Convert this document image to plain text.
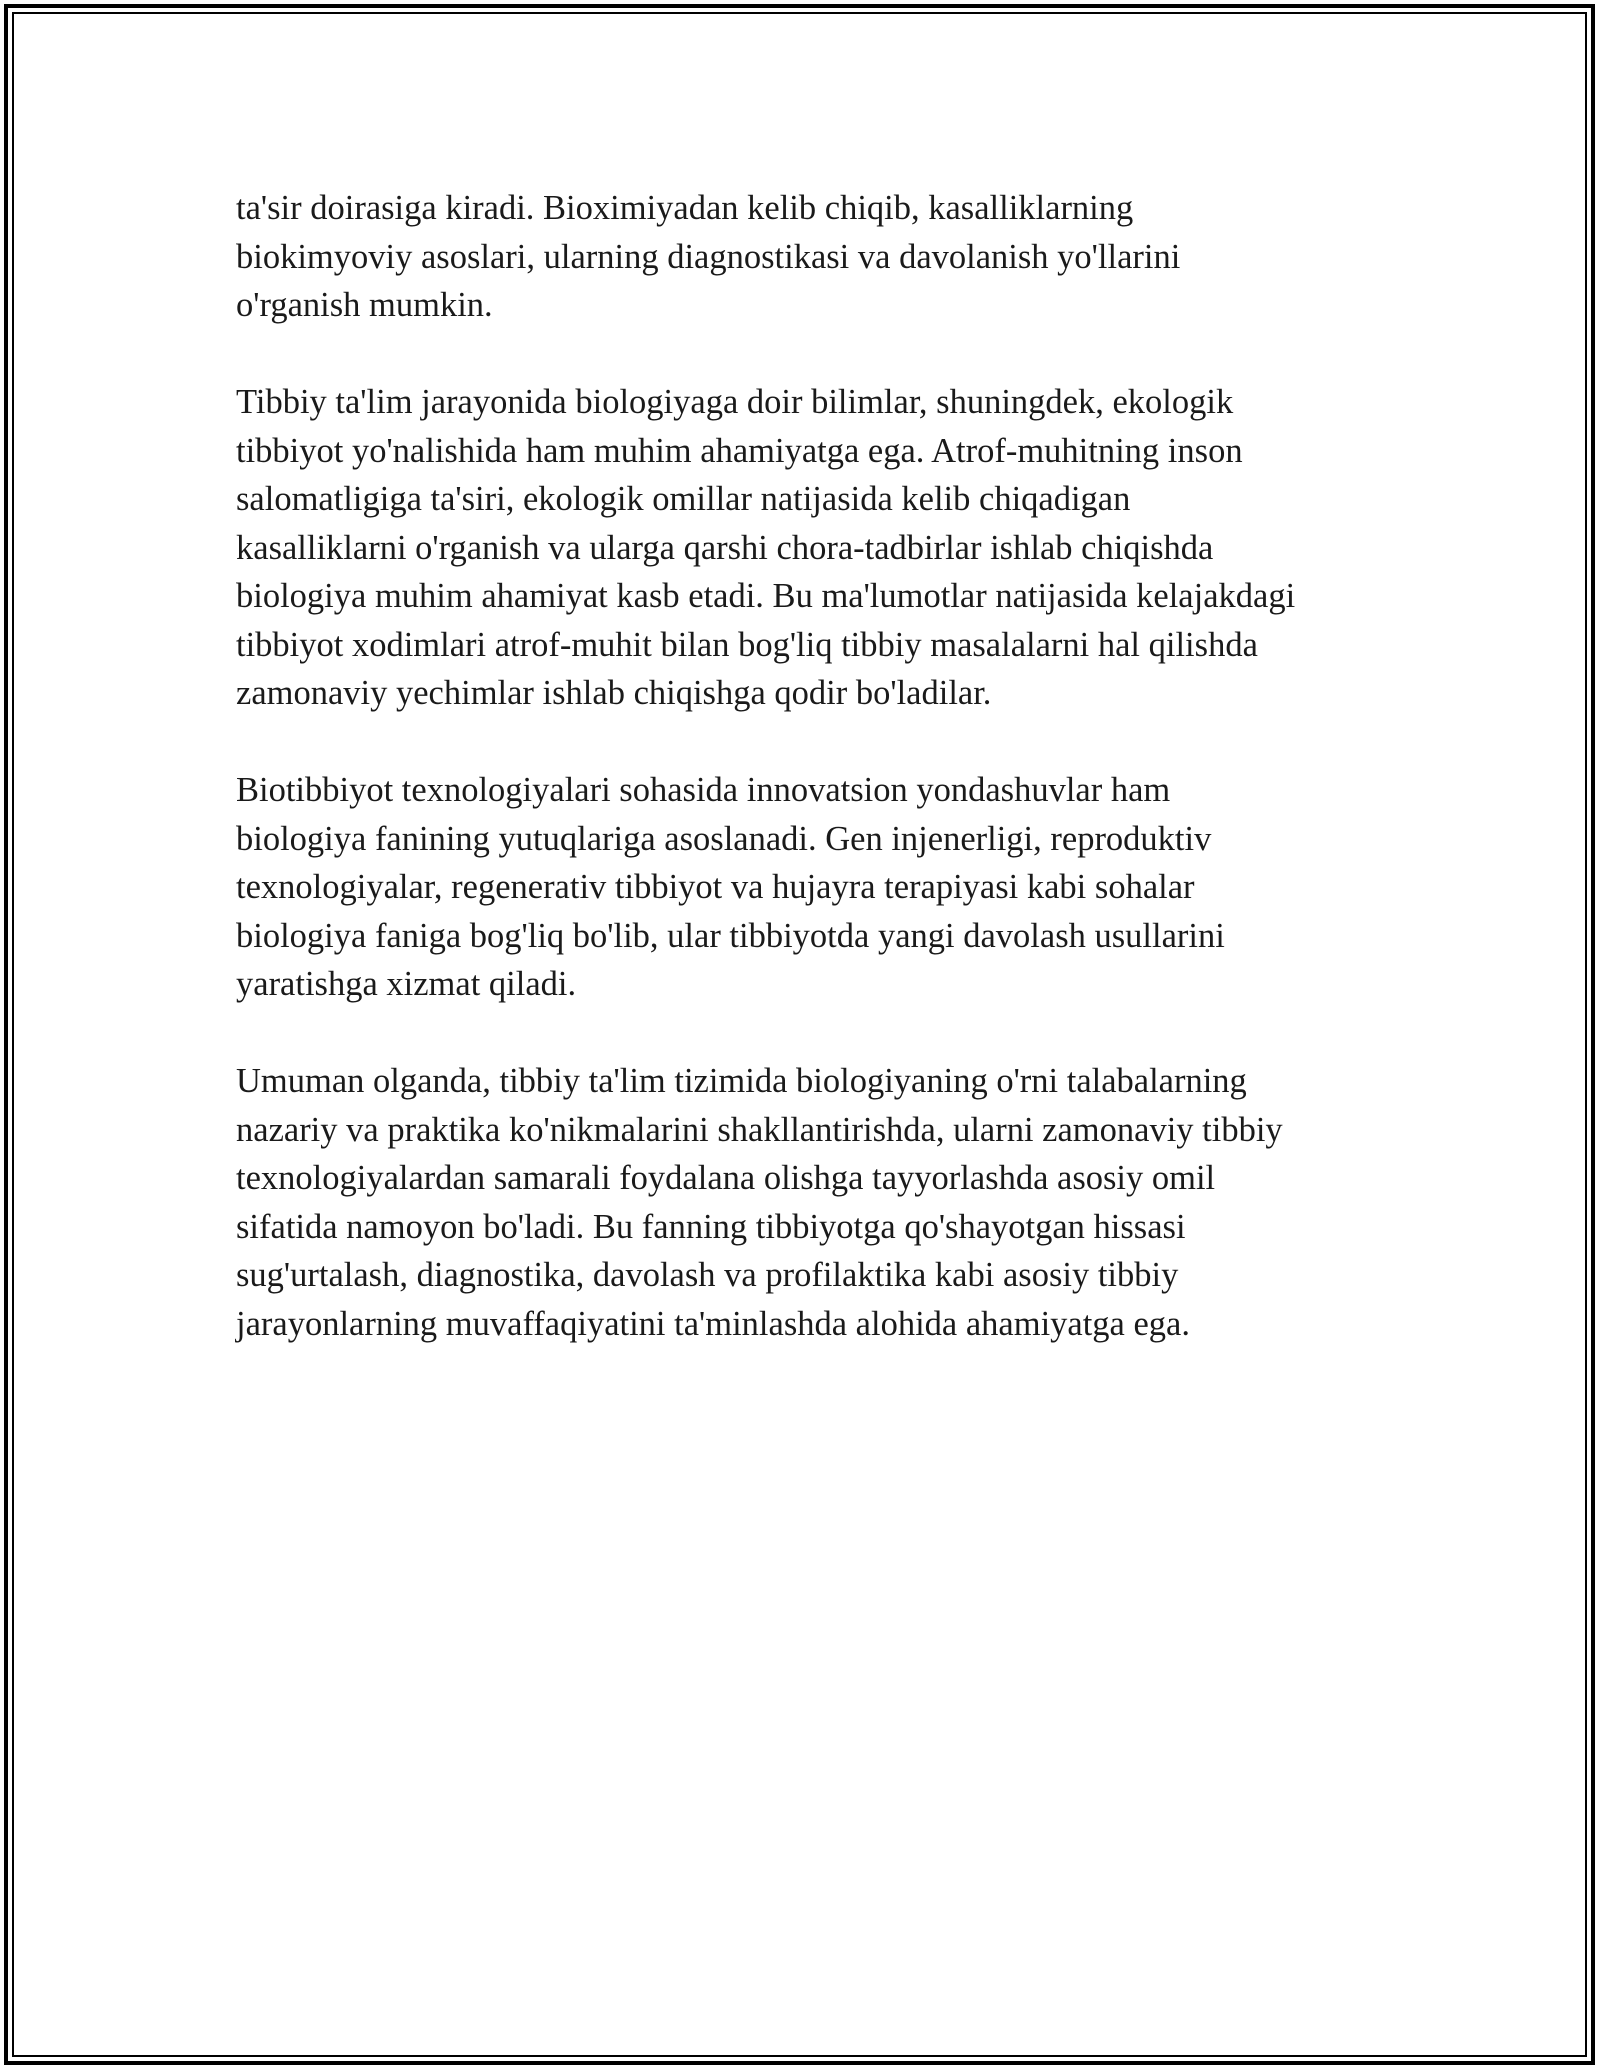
ta'sir doirasiga kiradi. Bioximiyadan kelib chiqib, kasalliklarning
biokimyoviy asoslari, ularning diagnostikasi va davolanish yo'llarini
o'rganish mumkin.

Tibbiy ta'lim jarayonida biologiyaga doir bilimlar, shuningdek, ekologik
tibbiyot yo'nalishida ham muhim ahamiyatga ega. Atrof-muhitning inson
salomatligiga ta'siri, ekologik omillar natijasida kelib chiqadigan
kasalliklarni o'rganish va ularga qarshi chora-tadbirlar ishlab chiqishda
biologiya muhim ahamiyat kasb etadi. Bu ma'lumotlar natijasida kelajakdagi
tibbiyot xodimlari atrof-muhit bilan bog'liq tibbiy masalalarni hal qilishda
zamonaviy yechimlar ishlab chiqishga qodir bo'ladilar.

Biotibbiyot texnologiyalari sohasida innovatsion yondashuvlar ham
biologiya fanining yutuqlariga asoslanadi. Gen injenerligi, reproduktiv
texnologiyalar, regenerativ tibbiyot va hujayra terapiyasi kabi sohalar
biologiya faniga bog'liq bo'lib, ular tibbiyotda yangi davolash usullarini
yaratishga xizmat qiladi.

Umuman olganda, tibbiy ta'lim tizimida biologiyaning o'rni talabalarning
nazariy va praktika ko'nikmalarini shakllantirishda, ularni zamonaviy tibbiy
texnologiyalardan samarali foydalana olishga tayyorlashda asosiy omil
sifatida namoyon bo'ladi. Bu fanning tibbiyotga qo'shayotgan hissasi
sug'urtalash, diagnostika, davolash va profilaktika kabi asosiy tibbiy
jarayonlarning muvaffaqiyatini ta'minlashda alohida ahamiyatga ega.
